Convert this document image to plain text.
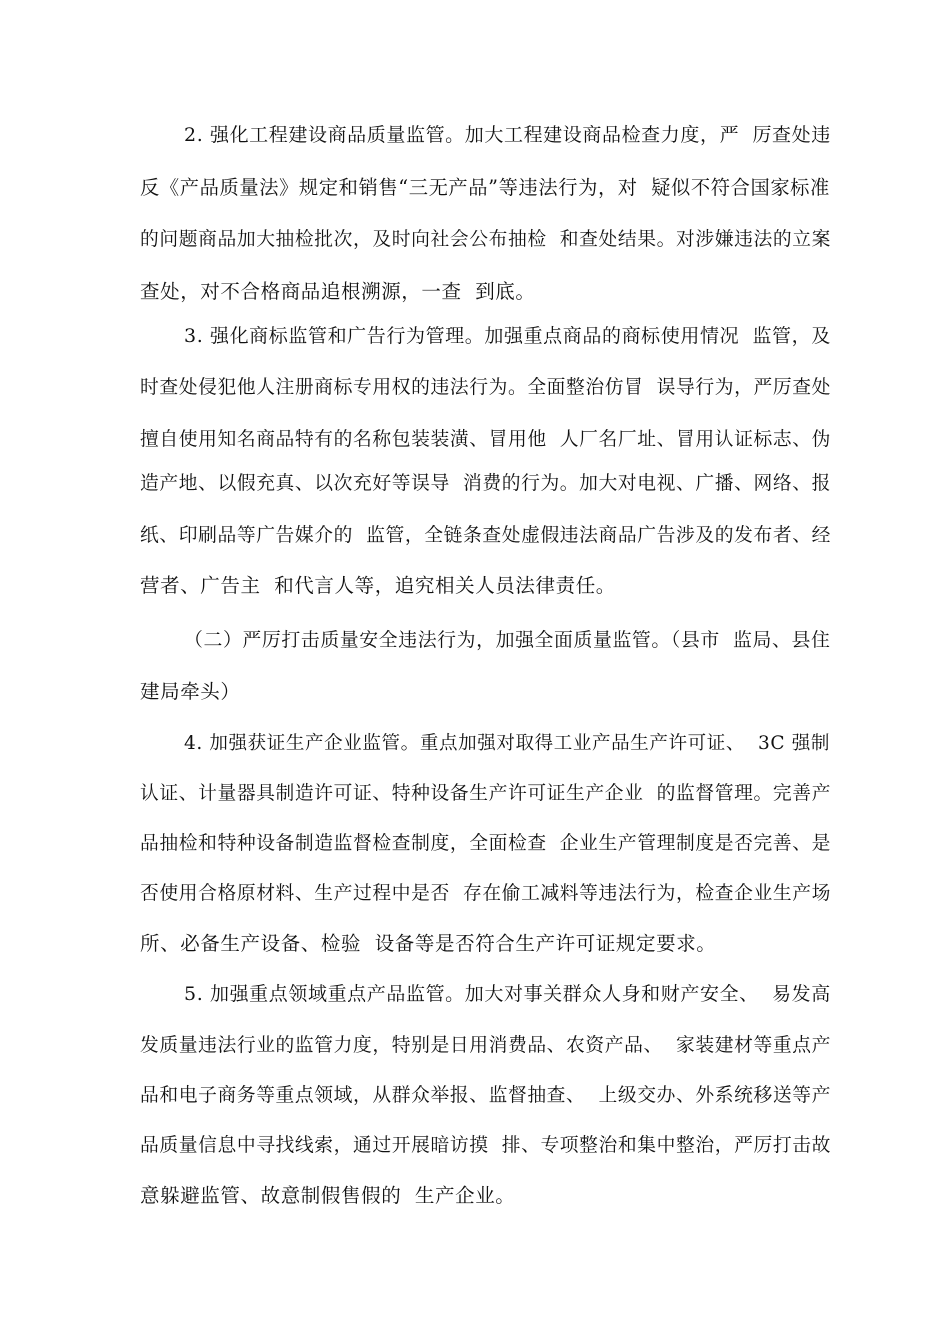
2. 强化工程建设商品质量监管。加大工程建设商品检查力度，严  厉查处违
反《产品质量法》规定和销售“三无产品”等违法行为，对  疑似不符合国家标准
的问题商品加大抽检批次，及时向社会公布抽检  和查处结果。对涉嫌违法的立案
查处，对不合格商品追根溯源，一查  到底。
3. 强化商标监管和广告行为管理。加强重点商品的商标使用情况  监管，及
时查处侵犯他人注册商标专用权的违法行为。全面整治仿冒  误导行为，严厉查处
擅自使用知名商品特有的名称包装装潢、冒用他  人厂名厂址、冒用认证标志、伪
造产地、以假充真、以次充好等误导  消费的行为。加大对电视、广播、网络、报
纸、印刷品等广告媒介的  监管，全链条查处虚假违法商品广告涉及的发布者、经
营者、广告主  和代言人等，追究相关人员法律责任。
（二）严厉打击质量安全违法行为，加强全面质量监管。（县市  监局、县住
建局牵头）
4. 加强获证生产企业监管。重点加强对取得工业产品生产许可证、  3C 强制
认证、计量器具制造许可证、特种设备生产许可证生产企业  的监督管理。完善产
品抽检和特种设备制造监督检查制度，全面检查  企业生产管理制度是否完善、是
否使用合格原材料、生产过程中是否  存在偷工减料等违法行为，检查企业生产场
所、必备生产设备、检验  设备等是否符合生产许可证规定要求。
5. 加强重点领域重点产品监管。加大对事关群众人身和财产安全、  易发高
发质量违法行业的监管力度，特别是日用消费品、农资产品、  家装建材等重点产
品和电子商务等重点领域，从群众举报、监督抽查、  上级交办、外系统移送等产
品质量信息中寻找线索，通过开展暗访摸  排、专项整治和集中整治，严厉打击故
意躲避监管、故意制假售假的  生产企业。
